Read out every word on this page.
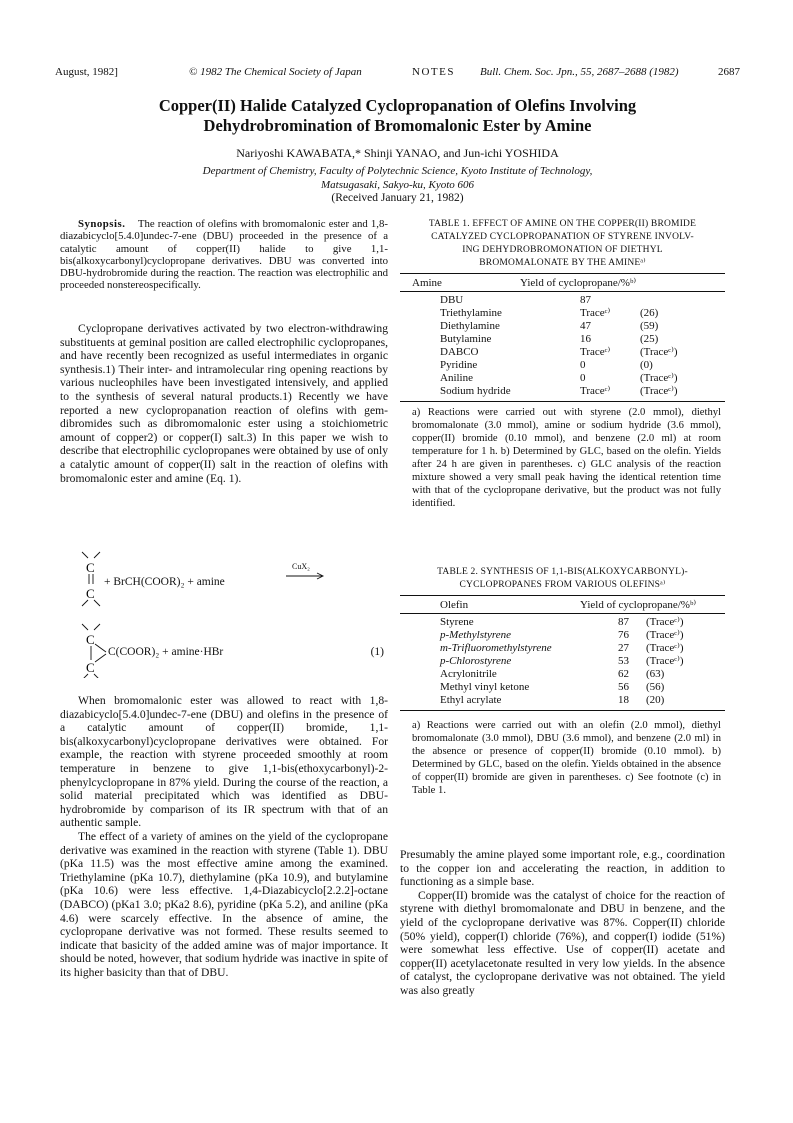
August, 1982]	© 1982 The Chemical Society of Japan	NOTES Bull. Chem. Soc. Jpn., 55, 2687–2688 (1982)	2687
Copper(II) Halide Catalyzed Cyclopropanation of Olefins Involving
Dehydrobromination of Bromomalonic Ester by Amine
Nariyoshi KAWABATA,* Shinji YANAO, and Jun-ichi YOSHIDA
Department of Chemistry, Faculty of Polytechnic Science, Kyoto Institute of Technology,
Matsugasaki, Sakyo-ku, Kyoto 606
(Received January 21, 1982)

Synopsis. The reaction of olefins with bromomalonic ester and 1,8-diazabicyclo[5.4.0]undec-7-ene (DBU) proceeded in the presence of a catalytic amount of copper(II) halide to give 1,1-bis(alkoxycarbonyl)cyclopropane derivatives. DBU was converted into DBU-hydrobromide during the reaction. The reaction was electrophilic and proceeded nonstereospecifically.

Cyclopropane derivatives activated by two electron-withdrawing substituents at geminal position are called electrophilic cyclopropanes, and have recently been recognized as useful intermediates in organic synthesis.1) Their inter- and intramolecular ring opening reactions by various nucleophiles have been investigated intensively, and applied to the synthesis of several natural products.1) Recently we have reported a new cyclopropanation reaction of olefins with gem-dibromides such as dibromomalonic ester using a stoichiometric amount of copper2) or copper(I) salt.3) In this paper we wish to describe that electrophilic cyclopropanes were obtained by use of only a catalytic amount of copper(II) salt in the reaction of olefins with bromomalonic ester and amine (Eq. 1).

C
C
C
C
+ BrCH(COOR)₂ + amine
CuX₂
C(COOR)₂ + amine·HBr	(1)

When bromomalonic ester was allowed to react with 1,8-diazabicyclo[5.4.0]undec-7-ene (DBU) and olefins in the presence of a catalytic amount of copper(II) bromide, 1,1-bis(alkoxycarbonyl)cyclopropane derivatives were obtained. For example, the reaction with styrene proceeded smoothly at room temperature in benzene to give 1,1-bis(ethoxycarbonyl)-2-phenylcyclopropane in 87% yield. During the course of the reaction, a solid material precipitated which was identified as DBU-hydrobromide by comparison of its IR spectrum with that of an authentic sample.

The effect of a variety of amines on the yield of the cyclopropane derivative was examined in the reaction with styrene (Table 1). DBU (pKa 11.5) was the most effective amine among the examined. Triethylamine (pKa 10.7), diethylamine (pKa 10.9), and butylamine (pKa 10.6) were less effective. 1,4-Diazabicyclo[2.2.2]-octane (DABCO) (pKa1 3.0; pKa2 8.6), pyridine (pKa 5.2), and aniline (pKa 4.6) were scarcely effective. In the absence of amine, the cyclopropane derivative was not formed. These results seemed to indicate that basicity of the added amine was of major importance. It should be noted, however, that sodium hydride was inactive in spite of its higher basicity than that of DBU.

TABLE 1. EFFECT OF AMINE ON THE COPPER(II) BROMIDE
CATALYZED CYCLOPROPANATION OF STYRENE INVOLV-
ING DEHYDROBROMONATION OF DIETHYL
BROMOMALONATE BY THE AMINEᵃ⁾
Amine	Yield of cyclopropane/%ᵇ⁾
DBU	87	
Triethylamine	Traceᶜ⁾	(26)
Diethylamine	47	(59)
Butylamine	16	(25)
DABCO	Traceᶜ⁾	(Traceᶜ⁾)
Pyridine	0	(0)
Aniline	0	(Traceᶜ⁾)
Sodium hydride	Traceᶜ⁾	(Traceᶜ⁾)
a) Reactions were carried out with styrene (2.0 mmol), diethyl bromomalonate (3.0 mmol), amine or sodium hydride (3.6 mmol), copper(II) bromide (0.10 mmol), and benzene (2.0 ml) at room temperature for 1 h. b) Determined by GLC, based on the olefin. Yields after 24 h are given in parentheses. c) GLC analysis of the reaction mixture showed a very small peak having the identical retention time with that of the cyclopropane derivative, but the product was not fully identified.
TABLE 2. SYNTHESIS OF 1,1-BIS(ALKOXYCARBONYL)-
CYCLOPROPANES FROM VARIOUS OLEFINSᵃ⁾
Olefin	Yield of cyclopropane/%ᵇ⁾
Styrene	87	(Traceᶜ⁾)
p-Methylstyrene	76	(Traceᶜ⁾)
m-Trifluoromethylstyrene	27	(Traceᶜ⁾)
p-Chlorostyrene	53	(Traceᶜ⁾)
Acrylonitrile	62	(63)
Methyl vinyl ketone	56	(56)
Ethyl acrylate	18	(20)
a) Reactions were carried out with an olefin (2.0 mmol), diethyl bromomalonate (3.0 mmol), DBU (3.6 mmol), and benzene (2.0 ml) in the absence or presence of copper(II) bromide (0.10 mmol). b) Determined by GLC, based on the olefin. Yields obtained in the absence of copper(II) bromide are given in parentheses. c) See footnote (c) in Table 1.

Presumably the amine played some important role, e.g., coordination to the copper ion and accelerating the reaction, in addition to functioning as a simple base.

Copper(II) bromide was the catalyst of choice for the reaction of styrene with diethyl bromomalonate and DBU in benzene, and the yield of the cyclopropane derivative was 87%. Copper(II) chloride (50% yield), copper(I) chloride (76%), and copper(I) iodide (51%) were somewhat less effective. Use of copper(II) acetate and copper(II) acetylacetonate resulted in very low yields. In the absence of catalyst, the cyclopropane derivative was not obtained. The yield was also greatly
